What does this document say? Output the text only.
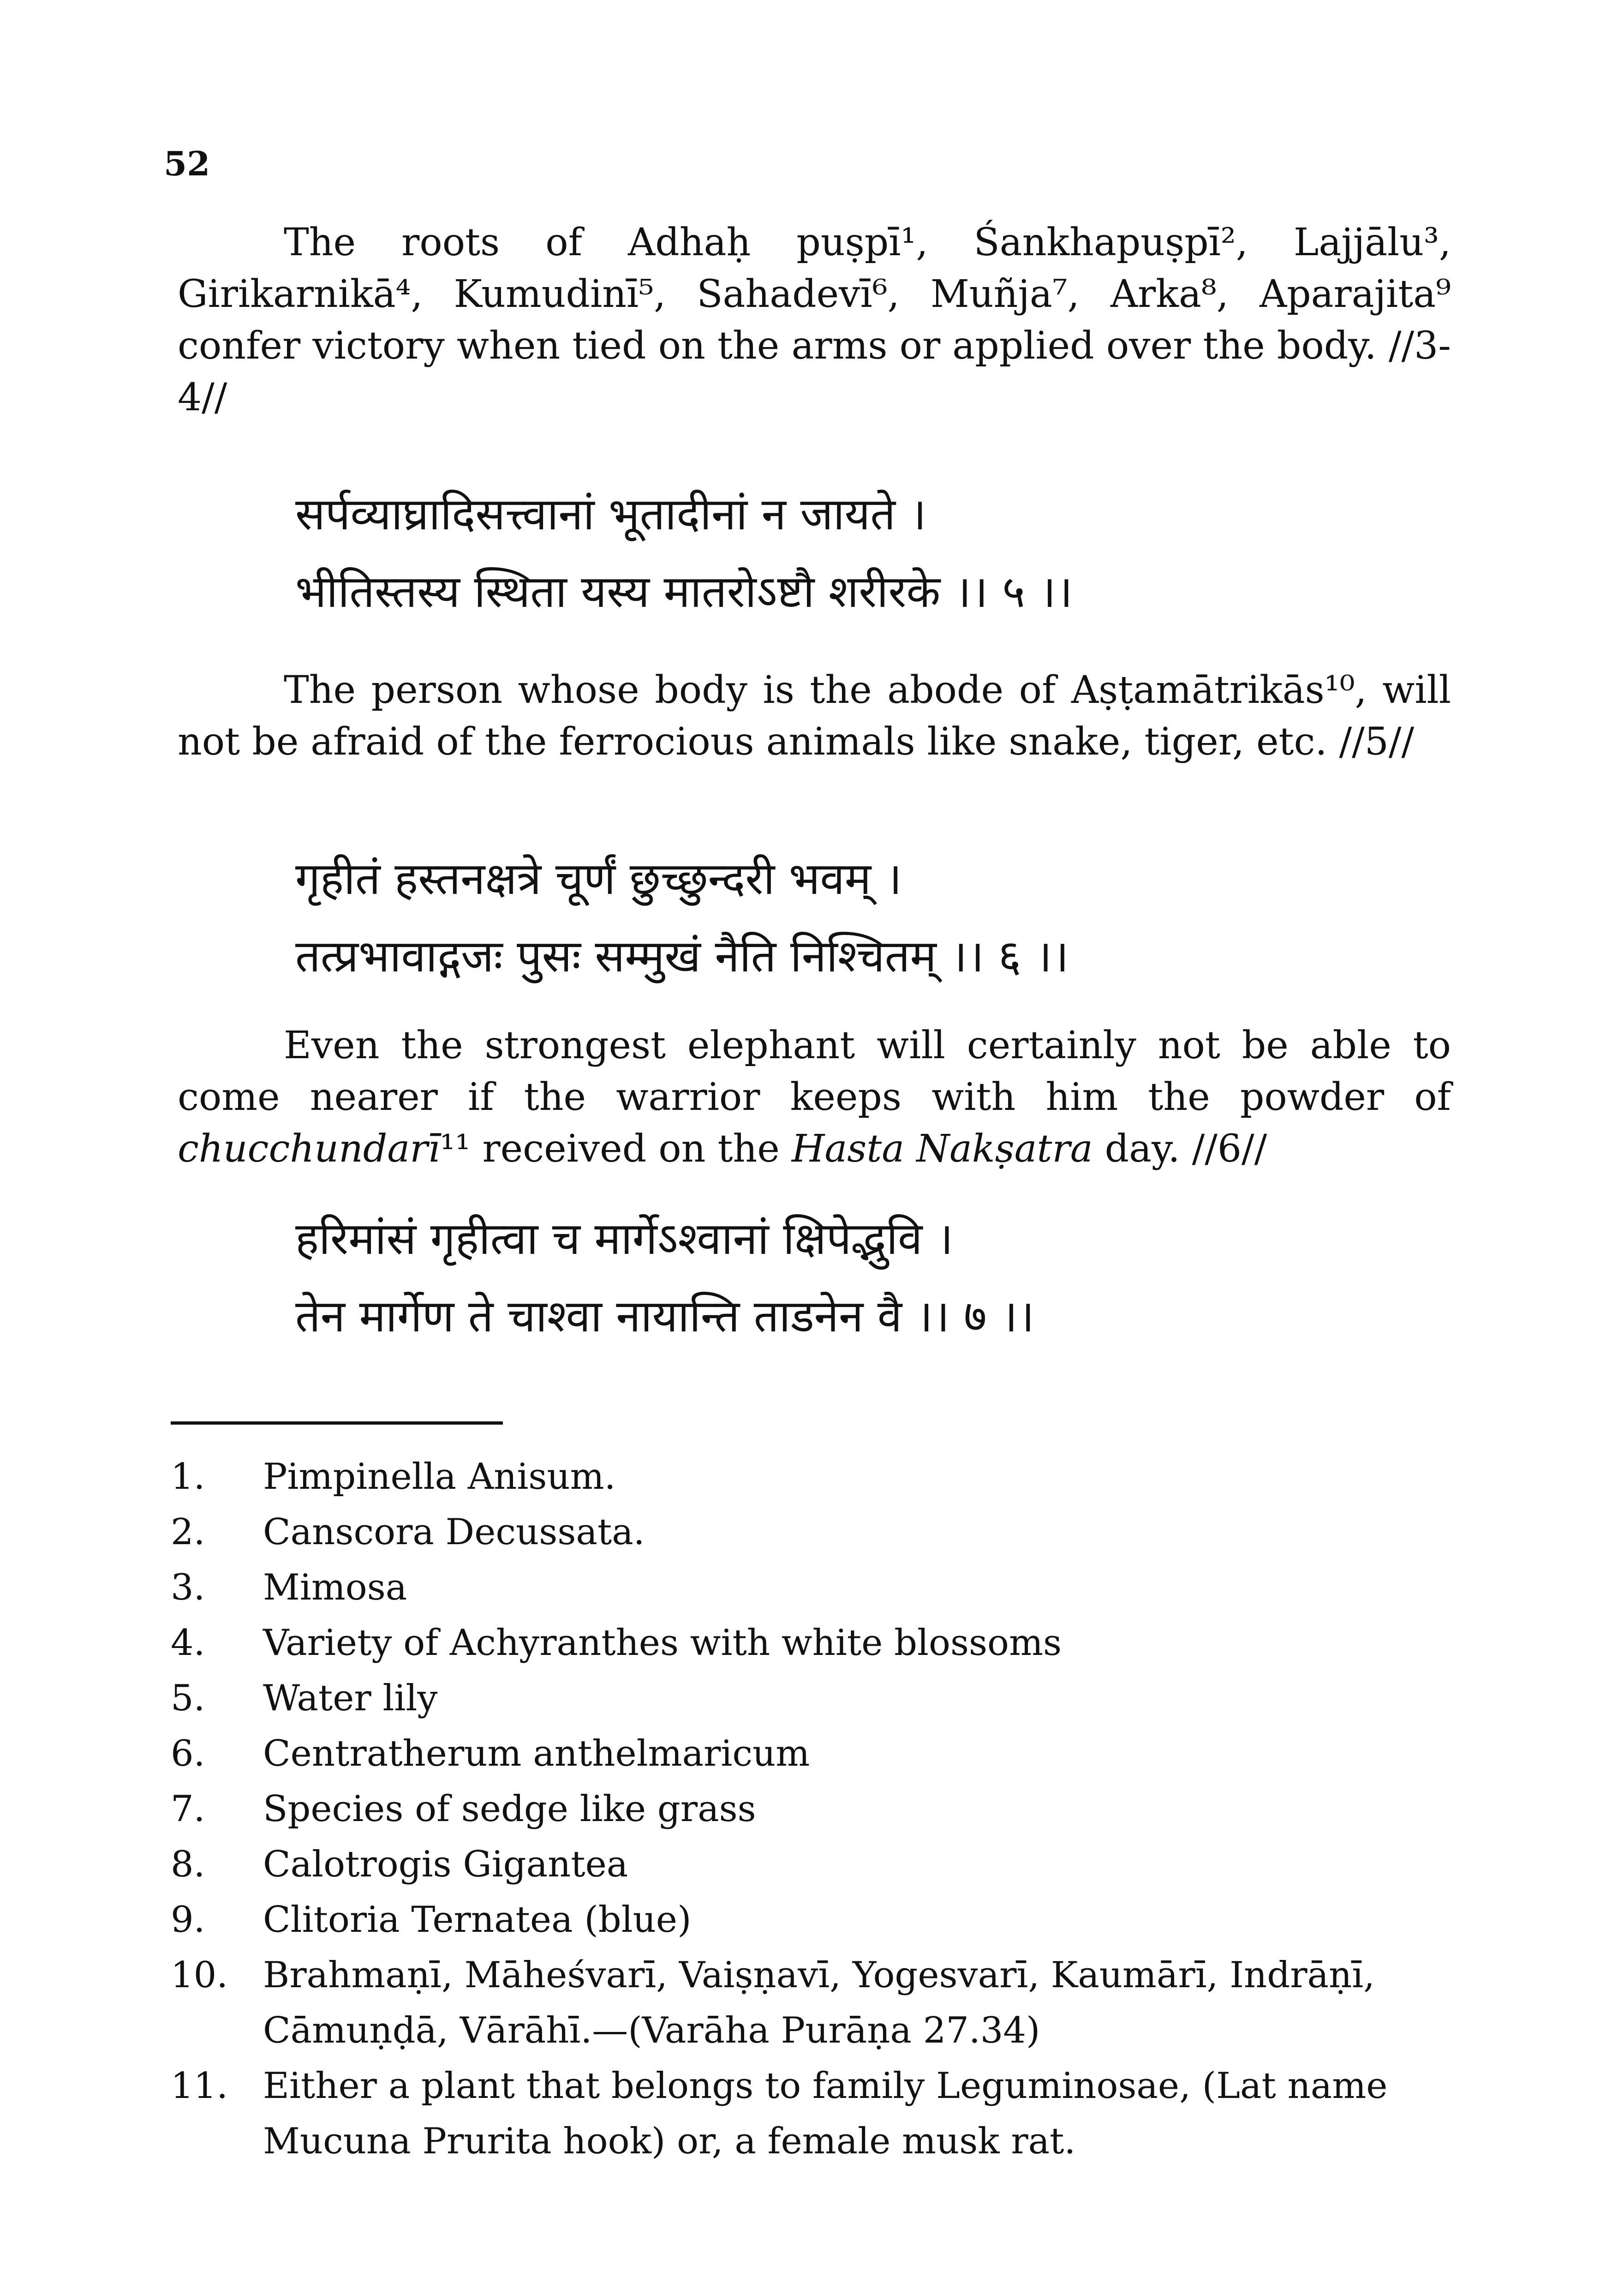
52

The roots of Adhaḥ puṣpī¹, Śankhapuṣpī², Lajjālu³, Girikarnikā⁴, Kumudinī⁵, Sahadevī⁶, Muñja⁷, Arka⁸, Aparajita⁹ confer victory when tied on the arms or applied over the body. //3-4//

सर्पव्याघ्रादिसत्त्वानां भूतादीनां न जायते ।
भीतिस्तस्य स्थिता यस्य मातरोऽष्टौ शरीरके ।। ५ ।।

The person whose body is the abode of Aṣṭamātrikās¹⁰, will not be afraid of the ferrocious animals like snake, tiger, etc. //5//

गृहीतं हस्तनक्षत्रे चूर्णं छुच्छुन्दरी भवम् ।
तत्प्रभावाद्गजः पुसः सम्मुखं नैति निश्चितम् ।। ६ ।।

Even the strongest elephant will certainly not be able to come nearer if the warrior keeps with him the powder of chucchundarī¹¹ received on the Hasta Nakṣatra day. //6//

हरिमांसं गृहीत्वा च मार्गेऽश्वानां क्षिपेद्भुवि ।
तेन मार्गेण ते चाश्वा नायान्ति ताडनेन वै ।। ७ ।।
1.	Pimpinella Anisum.
2.	Canscora Decussata.
3.	Mimosa
4.	Variety of Achyranthes with white blossoms
5.	Water lily
6.	Centratherum anthelmaricum
7.	Species of sedge like grass
8.	Calotrogis Gigantea
9.	Clitoria Ternatea (blue)
10. Brahmaṇī, Māheśvarī, Vaiṣṇavī, Yogesvarī, Kaumārī, Indrāṇī, Cāmuṇḍā, Vārāhī.—(Varāha Purāṇa 27.34)
11. Either a plant that belongs to family Leguminosae, (Lat name Mucuna Prurita hook) or, a female musk rat.
